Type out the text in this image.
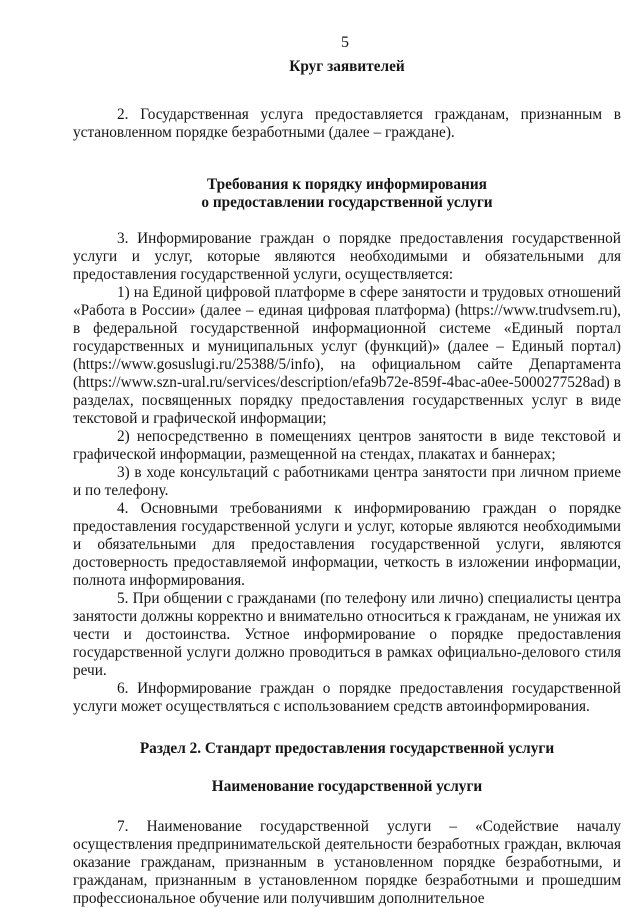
5
Круг заявителей
2. Государственная услуга предоставляется гражданам, признанным в установленном порядке безработными (далее – граждане).
Требования к порядку информирования
о предоставлении государственной услуги
3. Информирование граждан о порядке предоставления государственной услуги и услуг, которые являются необходимыми и обязательными для предоставления государственной услуги, осуществляется:
1) на Единой цифровой платформе в сфере занятости и трудовых отношений «Работа в России» (далее – единая цифровая платформа) (https://www.trudvsem.ru), в федеральной государственной информационной системе «Единый портал государственных и муниципальных услуг (функций)» (далее – Единый портал) (https://www.gosuslugi.ru/25388/5/info), на официальном сайте Департамента (https://www.szn-ural.ru/services/description/efa9b72e-859f-4bac-a0ee-5000277528ad) в разделах, посвященных порядку предоставления государственных услуг в виде текстовой и графической информации;
2) непосредственно в помещениях центров занятости в виде текстовой и графической информации, размещенной на стендах, плакатах и баннерах;
3) в ходе консультаций с работниками центра занятости при личном приеме и по телефону.
4. Основными требованиями к информированию граждан о порядке предоставления государственной услуги и услуг, которые являются необходимыми и обязательными для предоставления государственной услуги, являются достоверность предоставляемой информации, четкость в изложении информации, полнота информирования.
5. При общении с гражданами (по телефону или лично) специалисты центра занятости должны корректно и внимательно относиться к гражданам, не унижая их чести и достоинства. Устное информирование о порядке предоставления государственной услуги должно проводиться в рамках официально-делового стиля речи.
6. Информирование граждан о порядке предоставления государственной услуги может осуществляться с использованием средств автоинформирования.
Раздел 2. Стандарт предоставления государственной услуги
Наименование государственной услуги
7. Наименование государственной услуги – «Содействие началу осуществления предпринимательской деятельности безработных граждан, включая оказание гражданам, признанным в установленном порядке безработными, и гражданам, признанным в установленном порядке безработными и прошедшим профессиональное обучение или получившим дополнительное
